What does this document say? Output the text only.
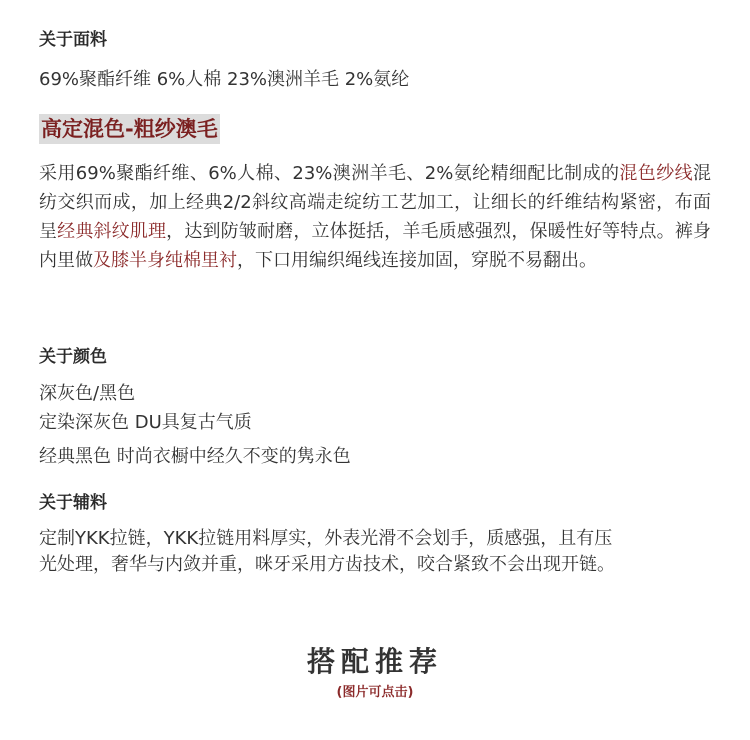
关于面料

69%聚酯纤维 6%人棉 23%澳洲羊毛 2%氨纶

高定混色-粗纱澳毛

采用69%聚酯纤维、6%人棉、23%澳洲羊毛、2%氨纶精细配比制成的混色纱线混纺交织而成，加上经典2/2斜纹高端走绽纺工艺加工，让细长的纤维结构紧密，布面呈经典斜纹肌理，达到防皱耐磨，立体挺括，羊毛质感强烈，保暖性好等特点。裤身内里做及膝半身纯棉里衬，下口用编织绳线连接加固，穿脱不易翻出。

关于颜色

深灰色/黑色

定染深灰色 DU具复古气质

经典黑色 时尚衣橱中经久不变的隽永色

关于辅料

定制YKK拉链，YKK拉链用料厚实，外表光滑不会划手，质感强，且有压

光处理，奢华与内敛并重，咪牙采用方齿技术，咬合紧致不会出现开链。

搭配推荐

(图片可点击)
